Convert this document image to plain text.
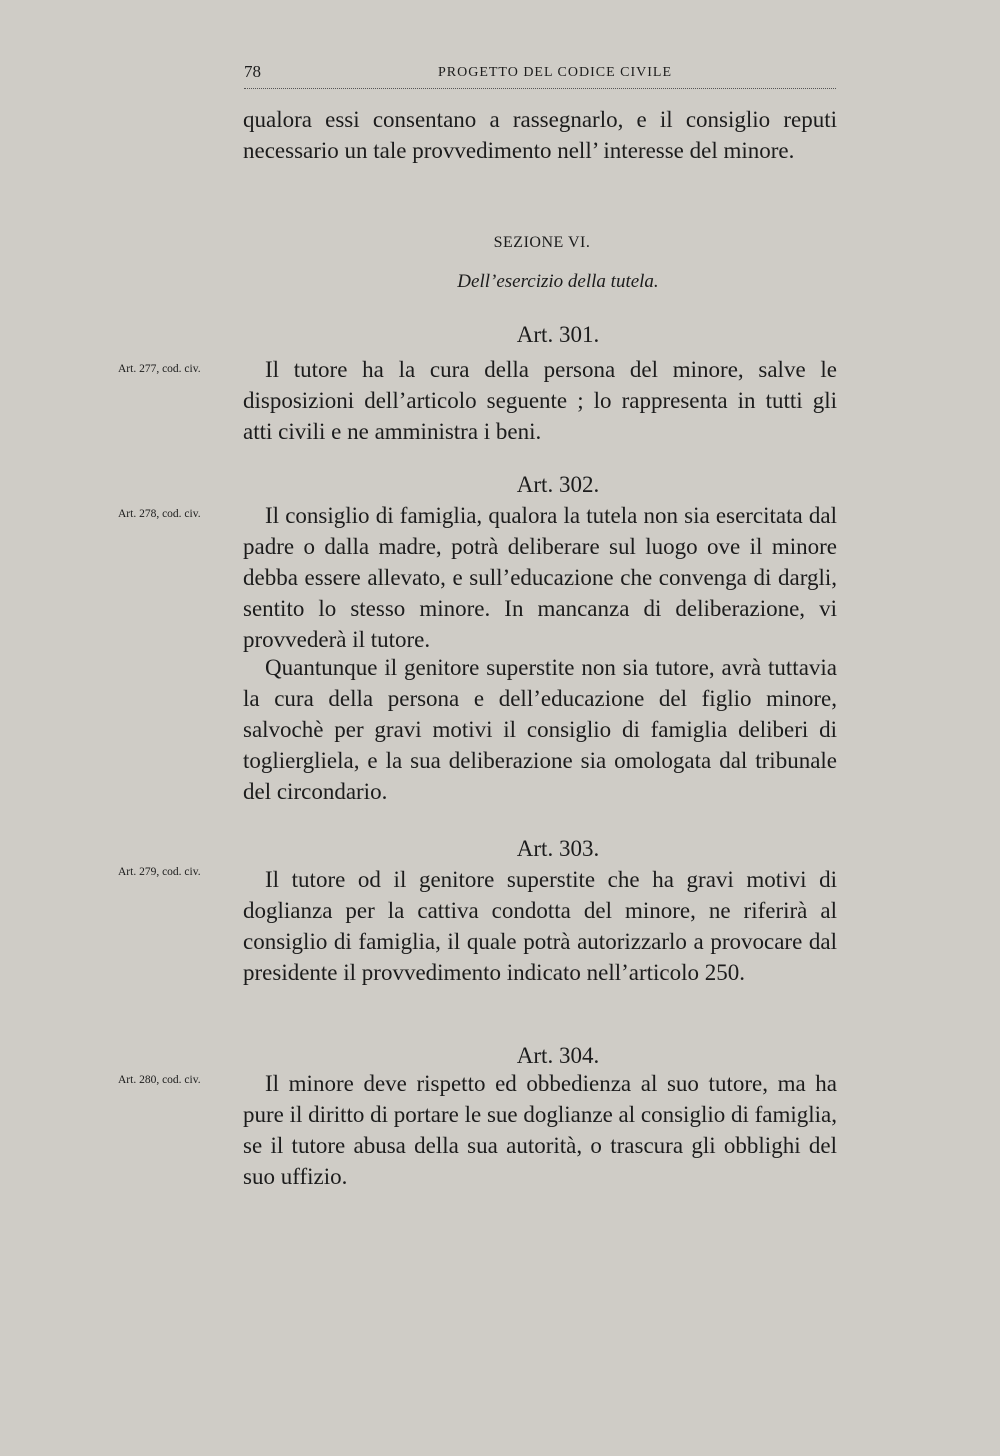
78	PROGETTO DEL CODICE CIVILE

qualora essi consentano a rassegnarlo, e il consiglio reputi necessario un tale provvedimento nell’ interesse del minore.

SEZIONE VI.
Dell’esercizio della tutela.
Art. 301.
Art. 277, cod. civ.	Il tutore ha la cura della persona del minore, salve le disposizioni dell’articolo seguente ; lo rappresenta in tutti gli atti civili e ne amministra i beni.

Art. 302.
Art. 278, cod. civ.	Il consiglio di famiglia, qualora la tutela non sia esercitata dal padre o dalla madre, potrà deliberare sul luogo ove il minore debba essere allevato, e sull’educazione che convenga di dargli, sentito lo stesso minore. In mancanza di deliberazione, vi provvederà il tutore.

Quantunque il genitore superstite non sia tutore, avrà tuttavia la cura della persona e dell’educazione del figlio minore, salvochè per gravi motivi il consiglio di famiglia deliberi di togliergliela, e la sua deliberazione sia omologata dal tribunale del circondario.

Art. 303.
Art. 279, cod. civ.	Il tutore od il genitore superstite che ha gravi motivi di doglianza per la cattiva condotta del minore, ne riferirà al consiglio di famiglia, il quale potrà autorizzarlo a provocare dal presidente il provvedimento indicato nell’articolo 250.

Art. 304.
Art. 280, cod. civ.	Il minore deve rispetto ed obbedienza al suo tutore, ma ha pure il diritto di portare le sue doglianze al consiglio di famiglia, se il tutore abusa della sua autorità, o trascura gli obblighi del suo uffizio.
